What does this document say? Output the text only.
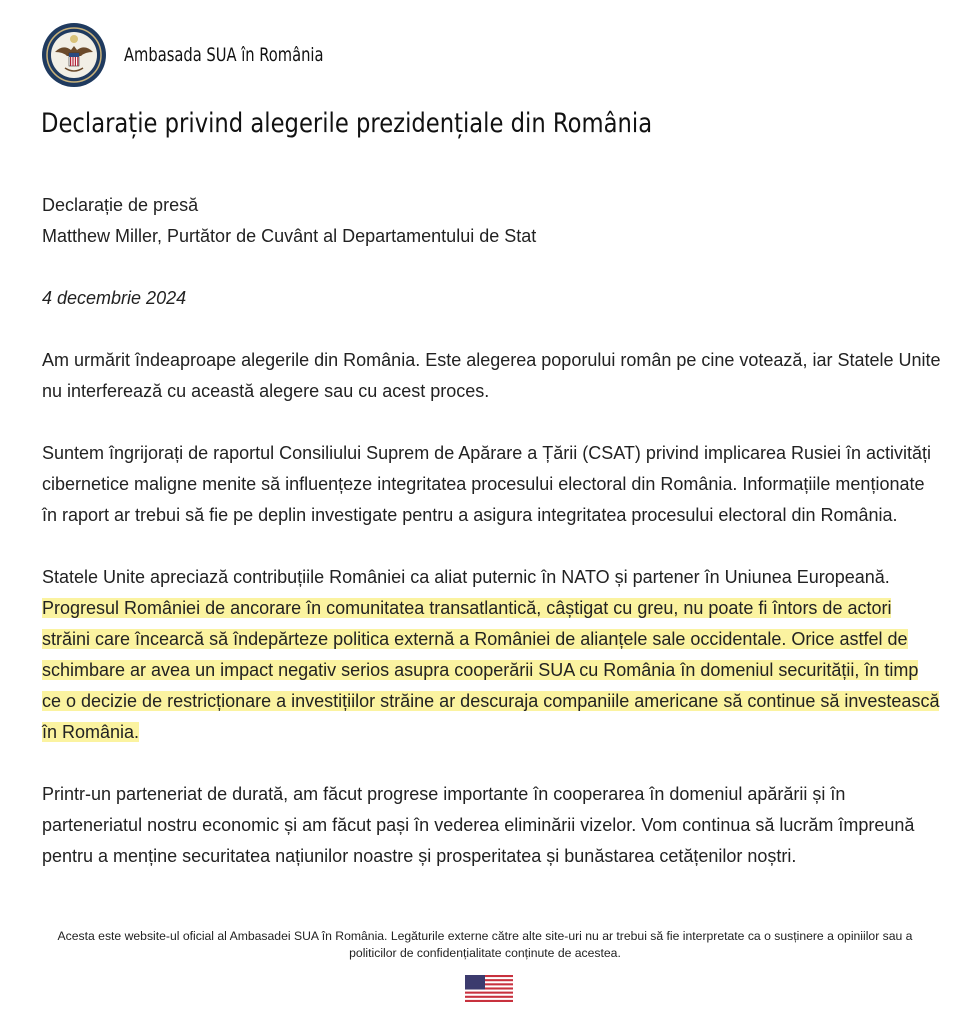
Ambasada SUA în România
Declarație privind alegerile prezidențiale din România

Declarație de presă
Matthew Miller, Purtător de Cuvânt al Departamentului de Stat

4 decembrie 2024

Am urmărit îndeaproape alegerile din România. Este alegerea poporului român pe cine votează, iar Statele Unite nu interferează cu această alegere sau cu acest proces.

Suntem îngrijorați de raportul Consiliului Suprem de Apărare a Țării (CSAT) privind implicarea Rusiei în activități cibernetice maligne menite să influențeze integritatea procesului electoral din România. Informațiile menționate în raport ar trebui să fie pe deplin investigate pentru a asigura integritatea procesului electoral din România.

Statele Unite apreciază contribuțiile României ca aliat puternic în NATO și partener în Uniunea Europeană. Progresul României de ancorare în comunitatea transatlantică, câștigat cu greu, nu poate fi întors de actori străini care încearcă să îndepărteze politica externă a României de alianțele sale occidentale. Orice astfel de schimbare ar avea un impact negativ serios asupra cooperării SUA cu România în domeniul securității, în timp ce o decizie de restricționare a investițiilor străine ar descuraja companiile americane să continue să investească în România.

Printr-un parteneriat de durată, am făcut progrese importante în cooperarea în domeniul apărării și în parteneriatul nostru economic și am făcut pași în vederea eliminării vizelor. Vom continua să lucrăm împreună pentru a menține securitatea națiunilor noastre și prosperitatea și bunăstarea cetățenilor noștri.

Acesta este website-ul oficial al Ambasadei SUA în România. Legăturile externe către alte site-uri nu ar trebui să fie interpretate ca o susținere a opiniilor sau a politicilor de confidențialitate conținute de acestea.
